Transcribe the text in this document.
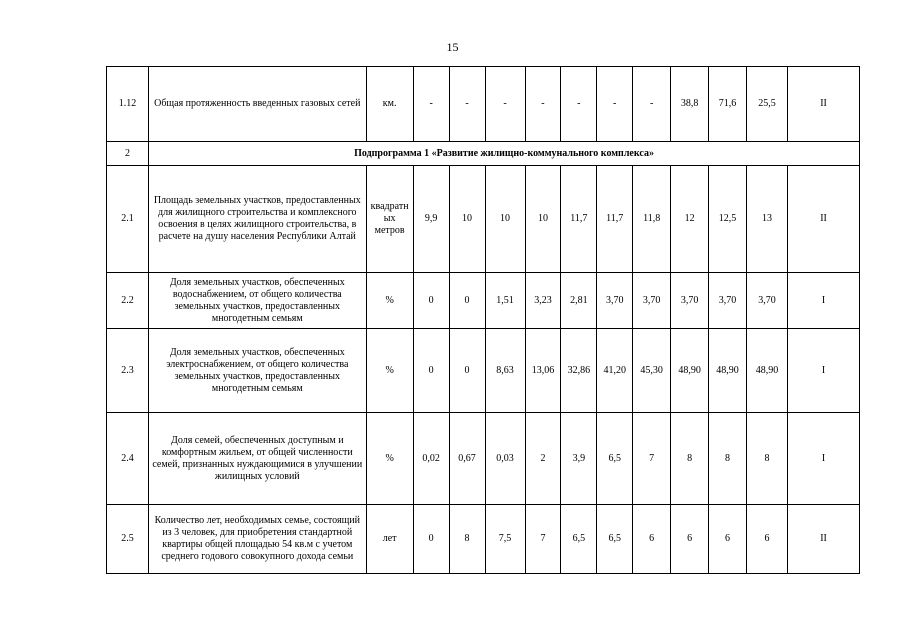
15
1.12	Общая протяженность введенных газовых сетей	км.	-	-	-	-	-	-	-	38,8	71,6	25,5	II
2	Подпрограмма 1 «Развитие жилищно-коммунального комплекса»												
2.1	Площадь земельных участков, предоставленных для жилищного строительства и комплексного освоения в целях жилищного строительства, в расчете на душу населения Республики Алтай	квадратных метров	9,9	10	10	10	11,7	11,7	11,8	12	12,5	13	II
2.2	Доля земельных участков, обеспеченных водоснабжением, от общего количества земельных участков, предоставленных многодетным семьям	%	0	0	1,51	3,23	2,81	3,70	3,70	3,70	3,70	3,70	I
2.3	Доля земельных участков, обеспеченных электроснабжением, от общего количества земельных участков, предоставленных многодетным семьям	%	0	0	8,63	13,06	32,86	41,20	45,30	48,90	48,90	48,90	I
2.4	Доля семей, обеспеченных доступным и комфортным жильем, от общей численности семей, признанных нуждающимися в улучшении жилищных условий	%	0,02	0,67	0,03	2	3,9	6,5	7	8	8	8	I
2.5	Количество лет, необходимых семье, состоящий из 3 человек, для приобретения стандартной квартиры общей площадью 54 кв.м с учетом среднего годового совокупного дохода семьи	лет	0	8	7,5	7	6,5	6,5	6	6	6	6	II
